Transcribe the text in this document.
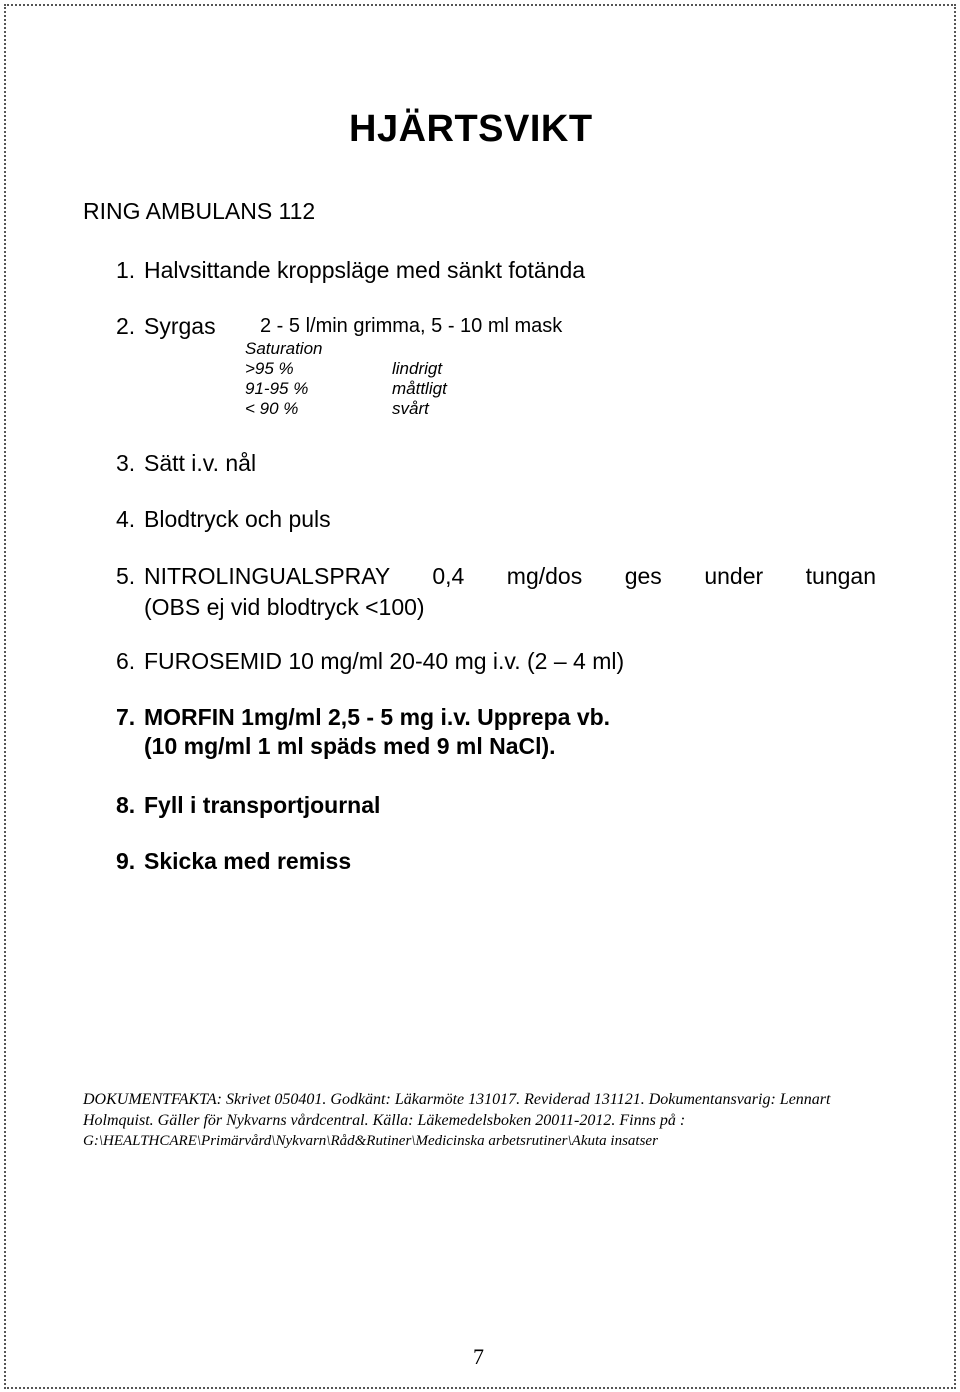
HJÄRTSVIKT
RING AMBULANS 112
1. Halvsittande kroppsläge med sänkt fotända
2. Syrgas 2 - 5 l/min grimma, 5 - 10 ml mask
Saturation
>95 %	lindrigt
91-95 %	måttligt
< 90 %	svårt
3. Sätt i.v. nål
4. Blodtryck och puls
5. NITROLINGUALSPRAY 0,4 mg/dos ges under tungan
(OBS ej vid blodtryck <100)
6. FUROSEMID 10 mg/ml 20-40 mg i.v. (2 – 4 ml)
7. MORFIN 1mg/ml 2,5 - 5 mg i.v. Upprepa vb.
(10 mg/ml 1 ml späds med 9 ml NaCl).
8. Fyll i transportjournal
9. Skicka med remiss
DOKUMENTFAKTA: Skrivet 050401. Godkänt: Läkarmöte 131017. Reviderad 131121. Dokumentansvarig: Lennart
Holmquist. Gäller för Nykvarns vårdcentral. Källa: Läkemedelsboken 20011-2012. Finns på :
G:\HEALTHCARE\Primärvård\Nykvarn\Råd&Rutiner\Medicinska arbetsrutiner\Akuta insatser
7
